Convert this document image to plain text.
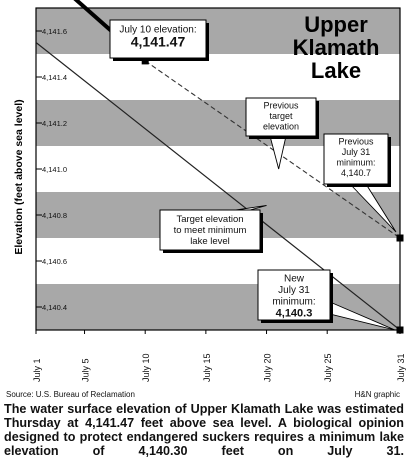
4,140.4
4,140.6
4,140.8
4,141.0
4,141.2
4,141.4
4,141.6
July 1	July 5	July 10	July 15	July 20	July 25	July 31
July 10 elevation:
4,141.47
Previous
target
elevation
Previous
July 31
minimum:
4,140.7
Target elevation
to meet minimum
lake level
New
July 31
minimum:
4,140.3
Upper
Klamath
Lake
Elevation (feet above sea level)
Source: U.S. Bureau of Reclamation	H&N graphic
The water surface elevation of Upper Klamath Lake was estimated Thursday at 4,141.47 feet above sea level. A biological opinion designed to protect endangered suckers requires a minimum lake elevation of 4,140.30 feet on July 31.
